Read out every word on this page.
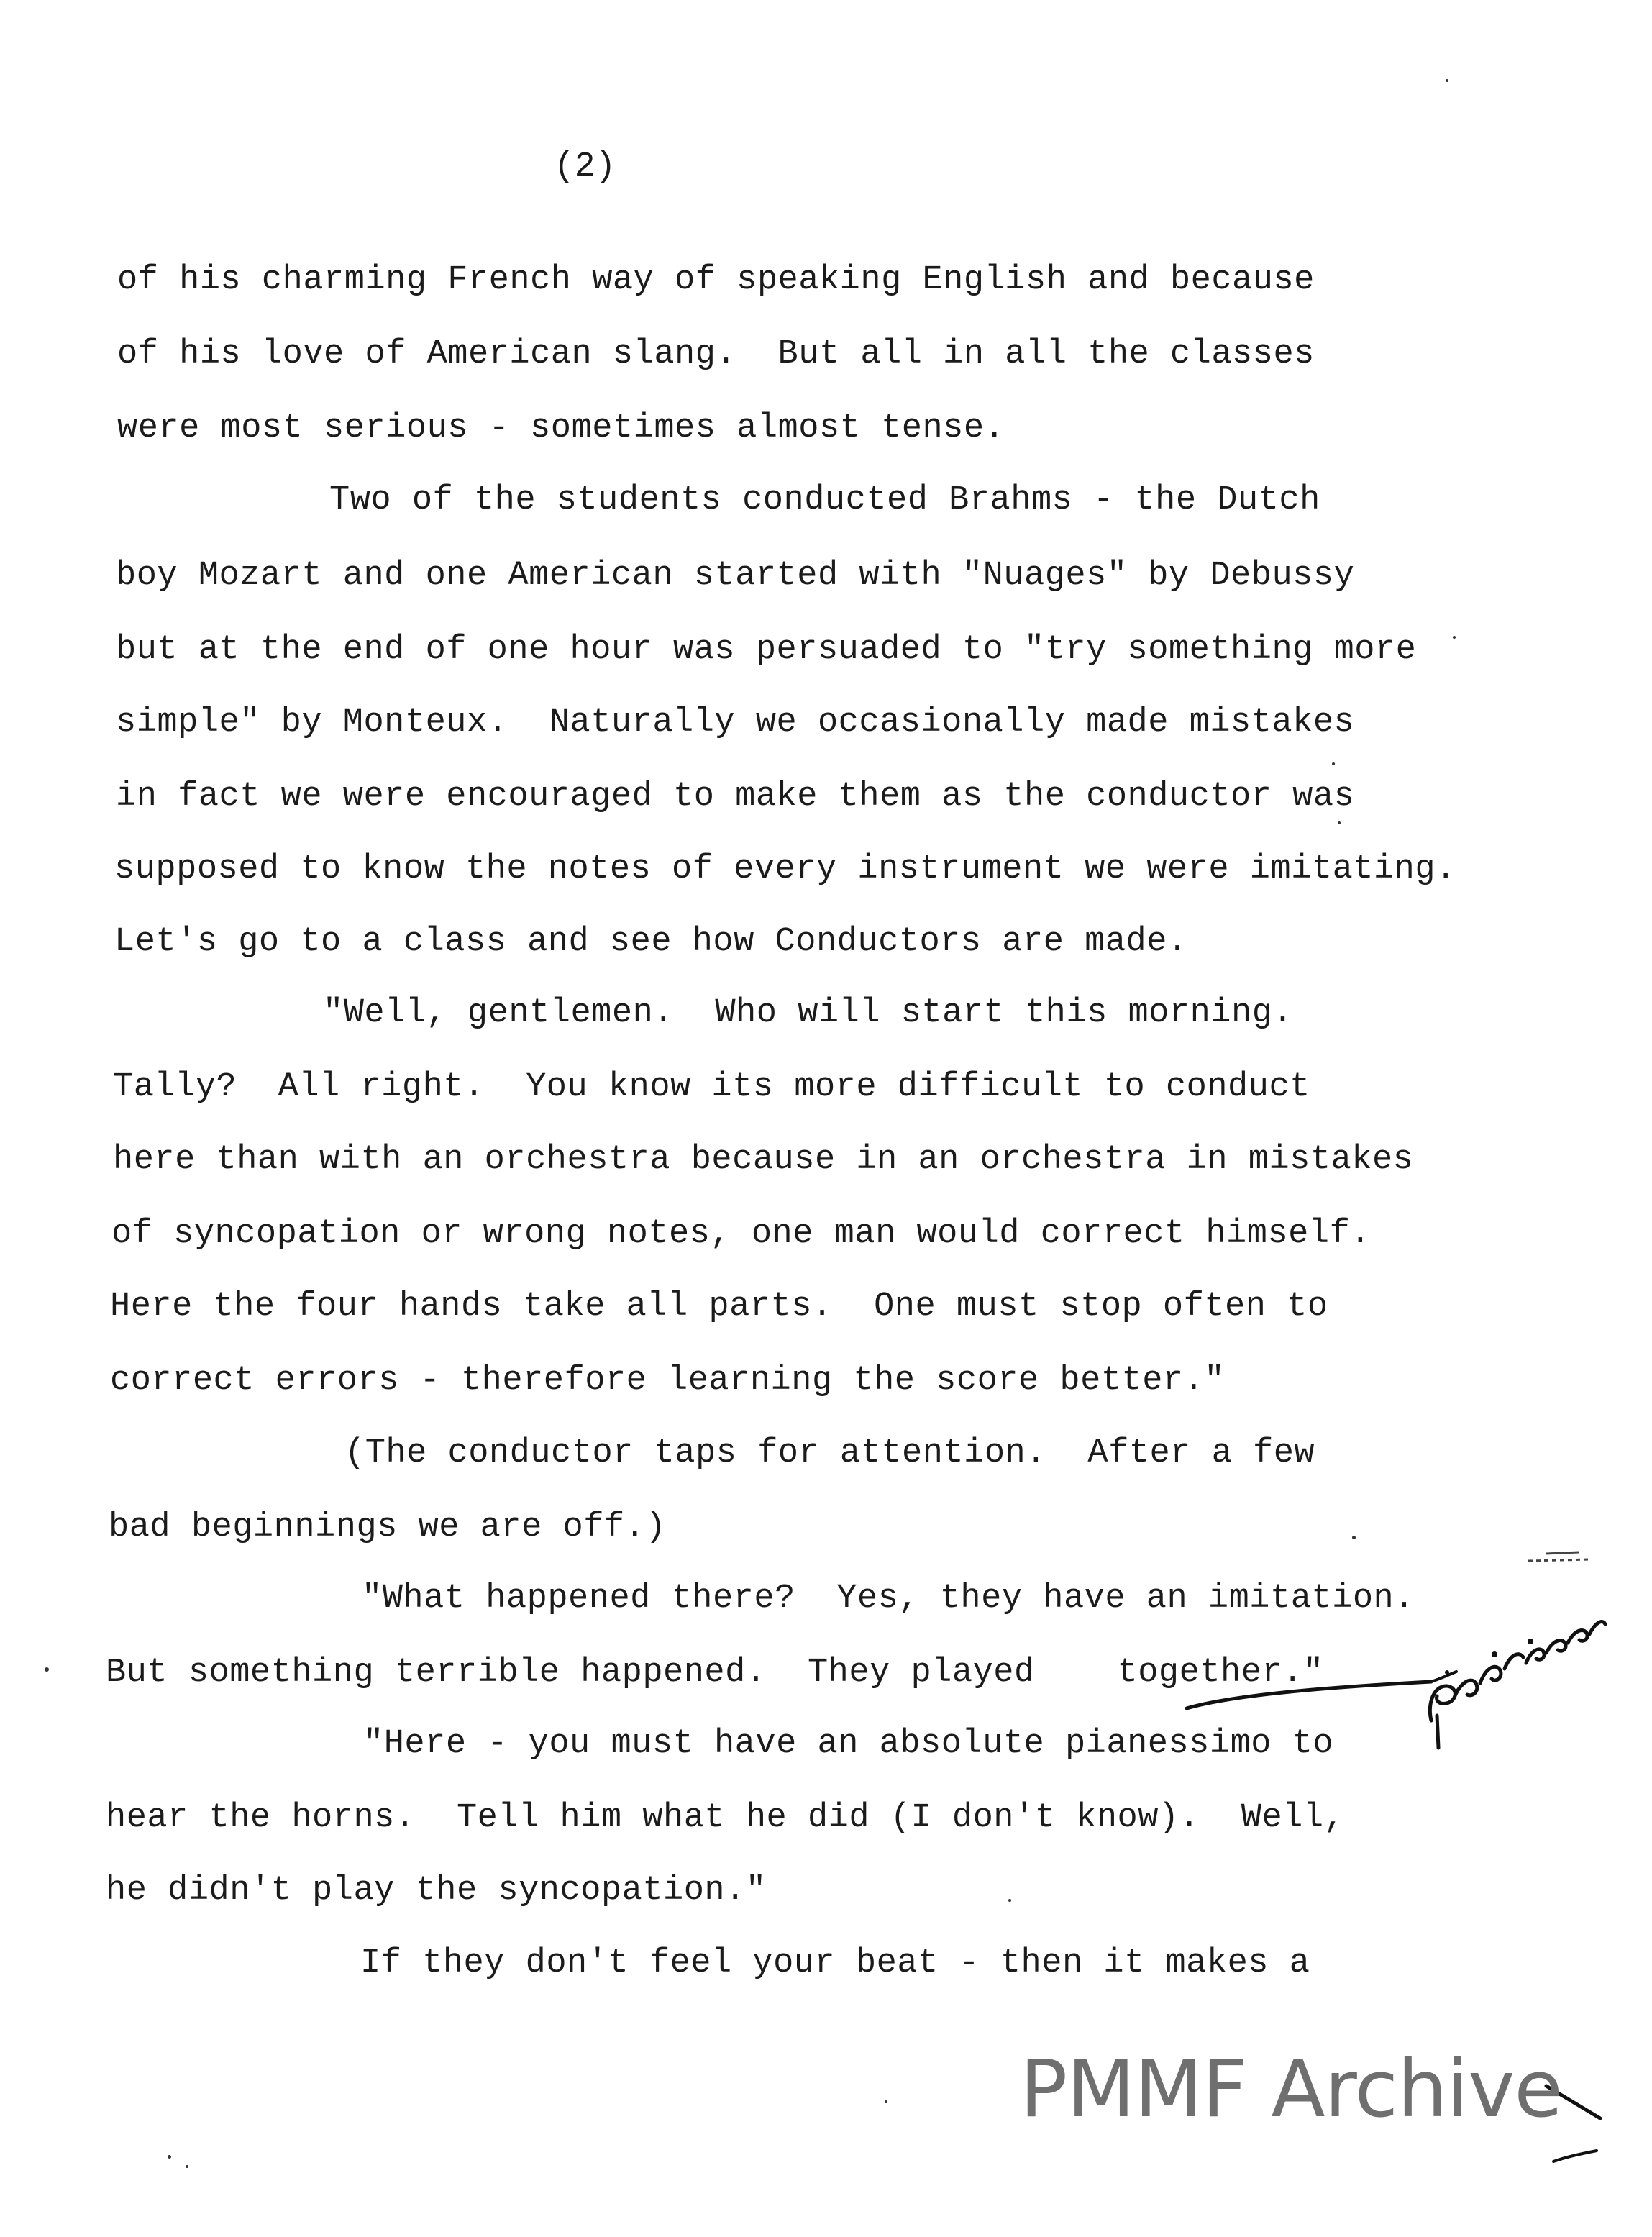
(2)
of his charming French way of speaking English and because
of his love of American slang.  But all in all the classes
were most serious - sometimes almost tense.
Two of the students conducted Brahms - the Dutch
boy Mozart and one American started with "Nuages" by Debussy
but at the end of one hour was persuaded to "try something more
simple" by Monteux.  Naturally we occasionally made mistakes
in fact we were encouraged to make them as the conductor was
supposed to know the notes of every instrument we were imitating.
Let's go to a class and see how Conductors are made.
"Well, gentlemen.  Who will start this morning.
Tally?  All right.  You know its more difficult to conduct
here than with an orchestra because in an orchestra in mistakes
of syncopation or wrong notes, one man would correct himself.
Here the four hands take all parts.  One must stop often to
correct errors - therefore learning the score better."
(The conductor taps for attention.  After a few
bad beginnings we are off.)
"What happened there?  Yes, they have an imitation.
But something terrible happened.  They played    together."
"Here - you must have an absolute pianessimo to
hear the horns.  Tell him what he did (I don't know).  Well,
he didn't play the syncopation."
If they don't feel your beat - then it makes a
PMMF Archive
